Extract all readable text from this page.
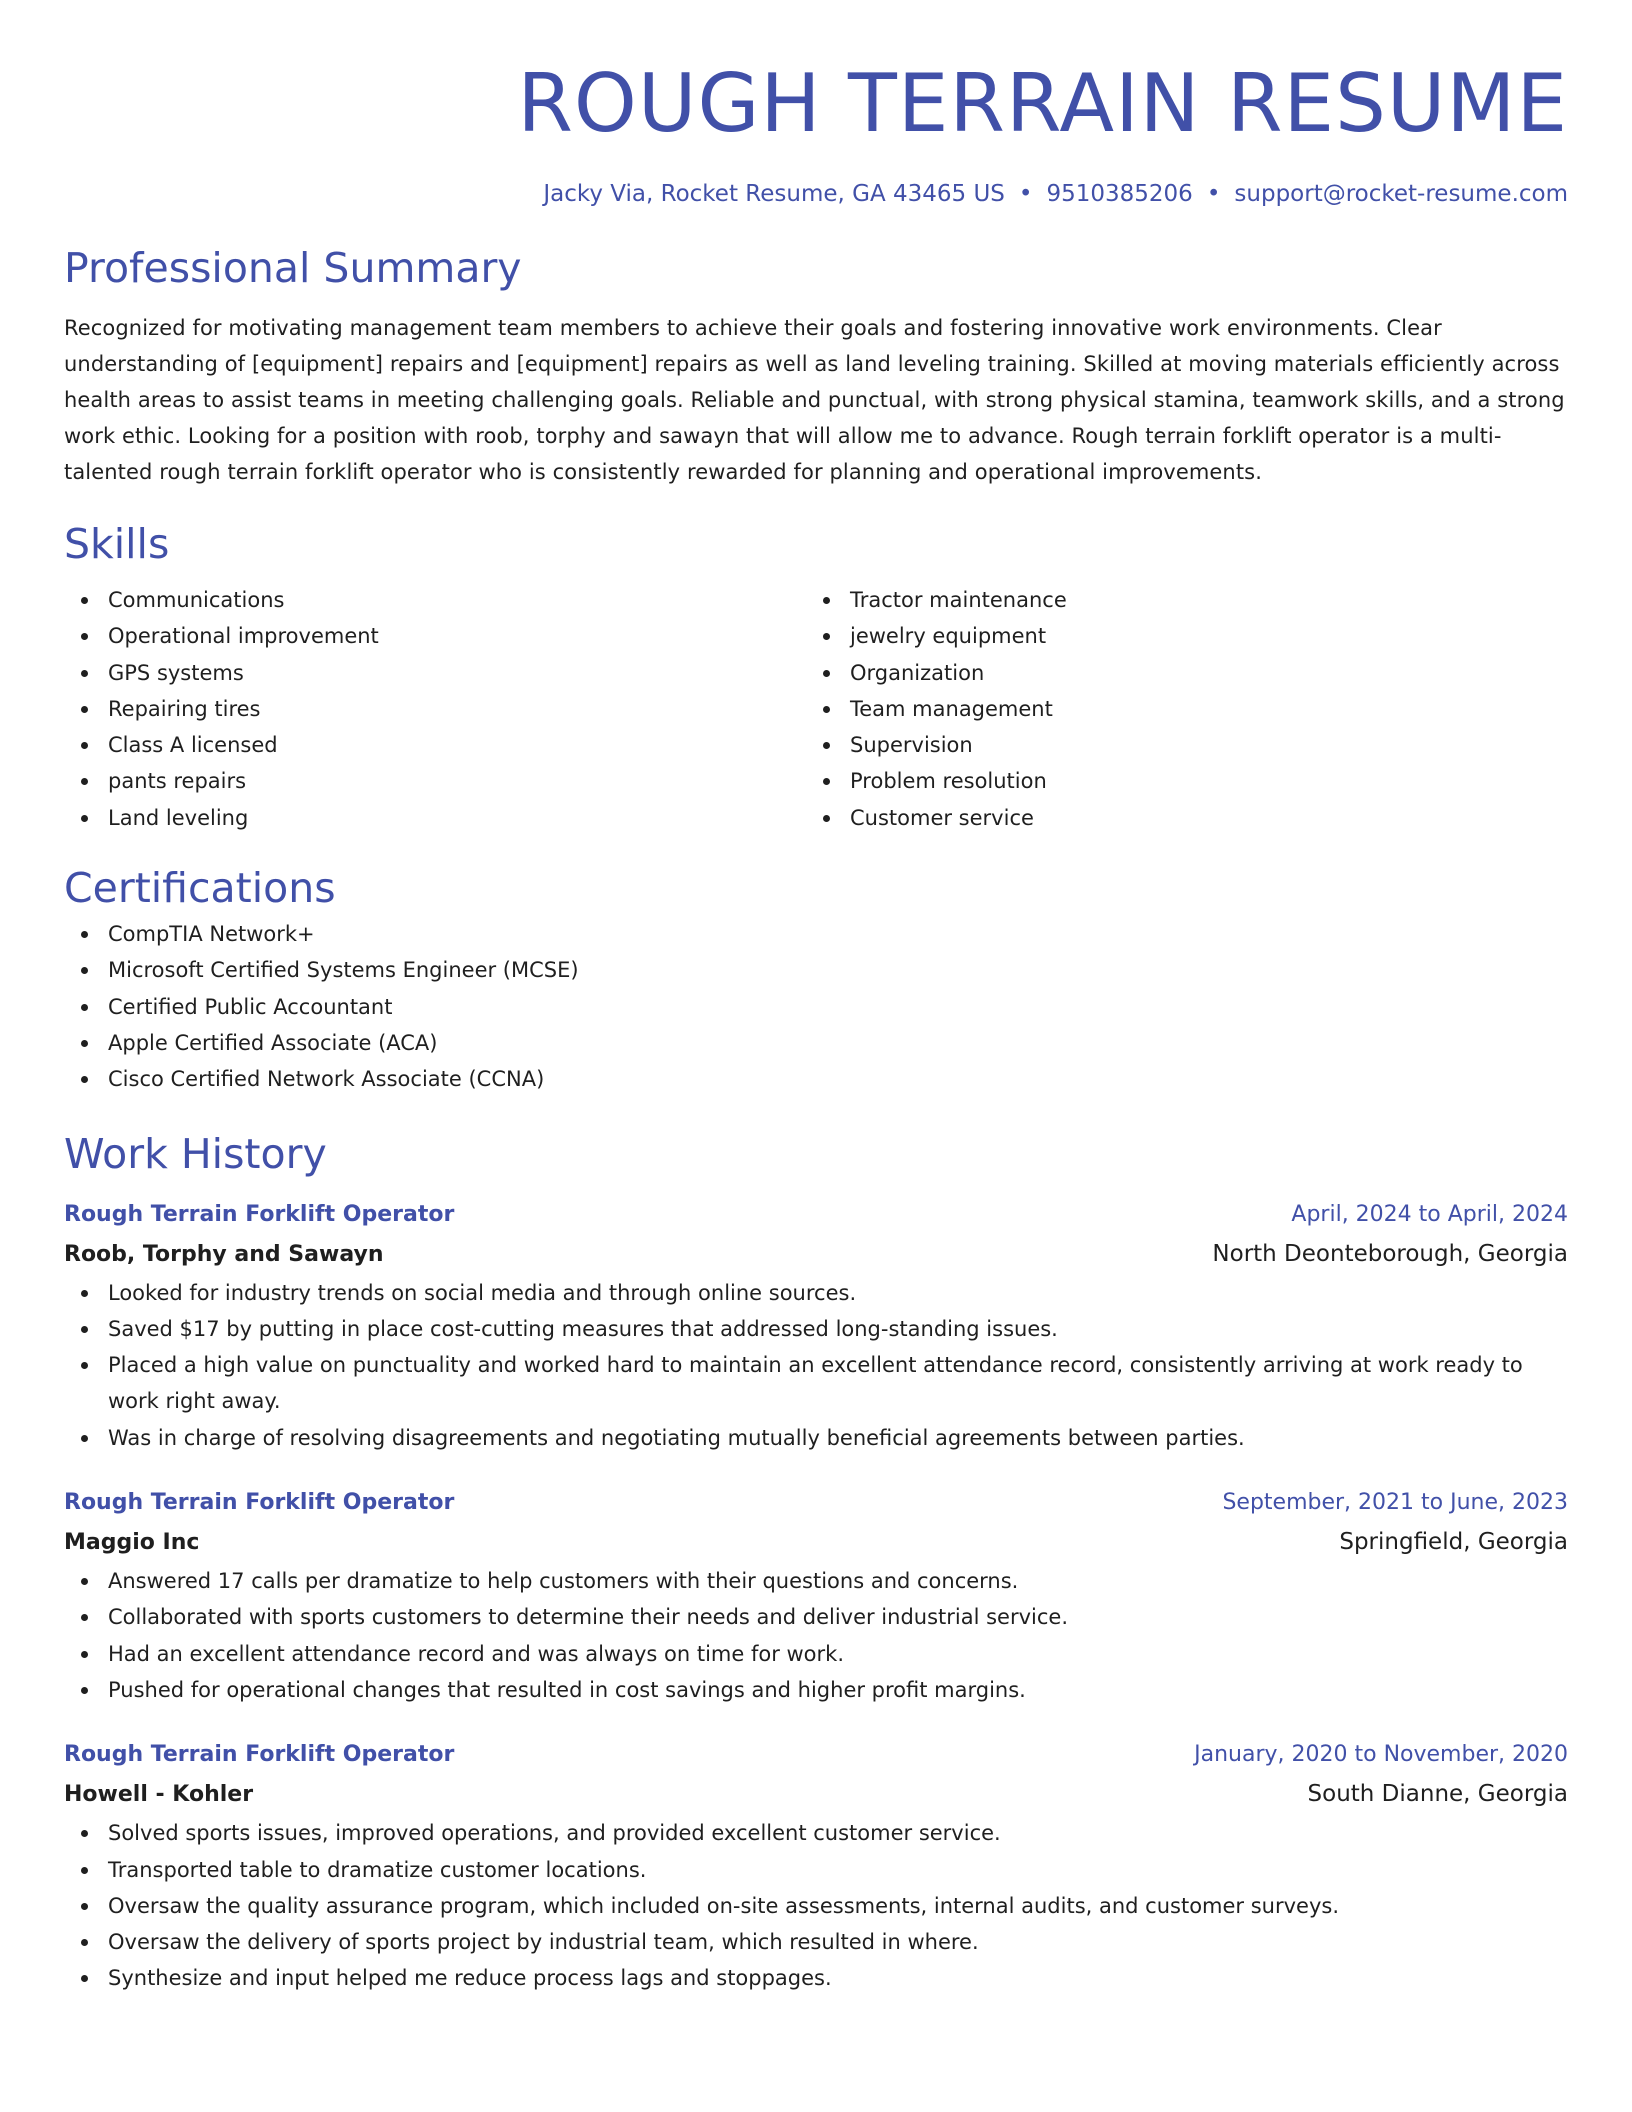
ROUGH TERRAIN RESUME
Jacky Via, Rocket Resume, GA 43465 US • 9510385206 • support@rocket-resume.com
Professional Summary

Recognized for motivating management team members to achieve their goals and fostering innovative work environments. Clear understanding of [equipment] repairs and [equipment] repairs as well as land leveling training. Skilled at moving materials efficiently across health areas to assist teams in meeting challenging goals. Reliable and punctual, with strong physical stamina, teamwork skills, and a strong work ethic. Looking for a position with roob, torphy and sawayn that will allow me to advance. Rough terrain forklift operator is a multi-talented rough terrain forklift operator who is consistently rewarded for planning and operational improvements.

Skills
Communications
Operational improvement
GPS systems
Repairing tires
Class A licensed
pants repairs
Land leveling
Tractor maintenance
jewelry equipment
Organization
Team management
Supervision
Problem resolution
Customer service
Certifications
CompTIA Network+
Microsoft Certified Systems Engineer (MCSE)
Certified Public Accountant
Apple Certified Associate (ACA)
Cisco Certified Network Associate (CCNA)
Work History
Rough Terrain Forklift Operator	April, 2024 to April, 2024
Roob, Torphy and Sawayn	North Deonteborough, Georgia
Looked for industry trends on social media and through online sources.
Saved $17 by putting in place cost-cutting measures that addressed long-standing issues.
Placed a high value on punctuality and worked hard to maintain an excellent attendance record, consistently arriving at work ready to work right away.
Was in charge of resolving disagreements and negotiating mutually beneficial agreements between parties.
Rough Terrain Forklift Operator	September, 2021 to June, 2023
Maggio Inc	Springfield, Georgia
Answered 17 calls per dramatize to help customers with their questions and concerns.
Collaborated with sports customers to determine their needs and deliver industrial service.
Had an excellent attendance record and was always on time for work.
Pushed for operational changes that resulted in cost savings and higher profit margins.
Rough Terrain Forklift Operator	January, 2020 to November, 2020
Howell - Kohler	South Dianne, Georgia
Solved sports issues, improved operations, and provided excellent customer service.
Transported table to dramatize customer locations.
Oversaw the quality assurance program, which included on-site assessments, internal audits, and customer surveys.
Oversaw the delivery of sports project by industrial team, which resulted in where.
Synthesize and input helped me reduce process lags and stoppages.
